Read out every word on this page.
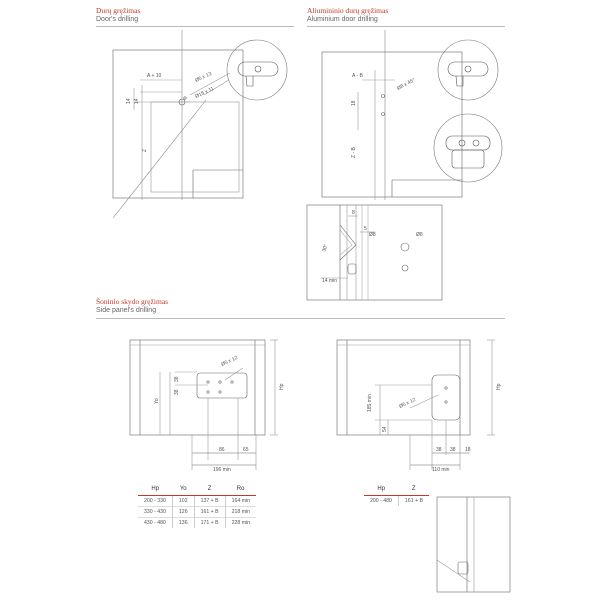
Durų gręžimas
Door's drilling
Aliumininio durų gręžimas
Aluminium door drilling
Šoninio skydo gręžimas
Side panel's drilling
A + 10	Ø5 x 13
Ø18 x 11
14 14
Z
A - B
Ø8 x 45°
18
Z - B
8
5
30°
Ø8	Ø8
14 min
Ø5 x 12
38
38
Yo
Hp
86	65
196 min
185 min	Ø5 x 12
54
Hp
38 38 18
110 min
Hp	Yo	Z	Ro
200 - 330	102	137 + B	164 min
330 - 430	126	161 + B	218 min
430 - 480	136	171 + B	228 min
Hp	Z
200 - 480	161 + B
